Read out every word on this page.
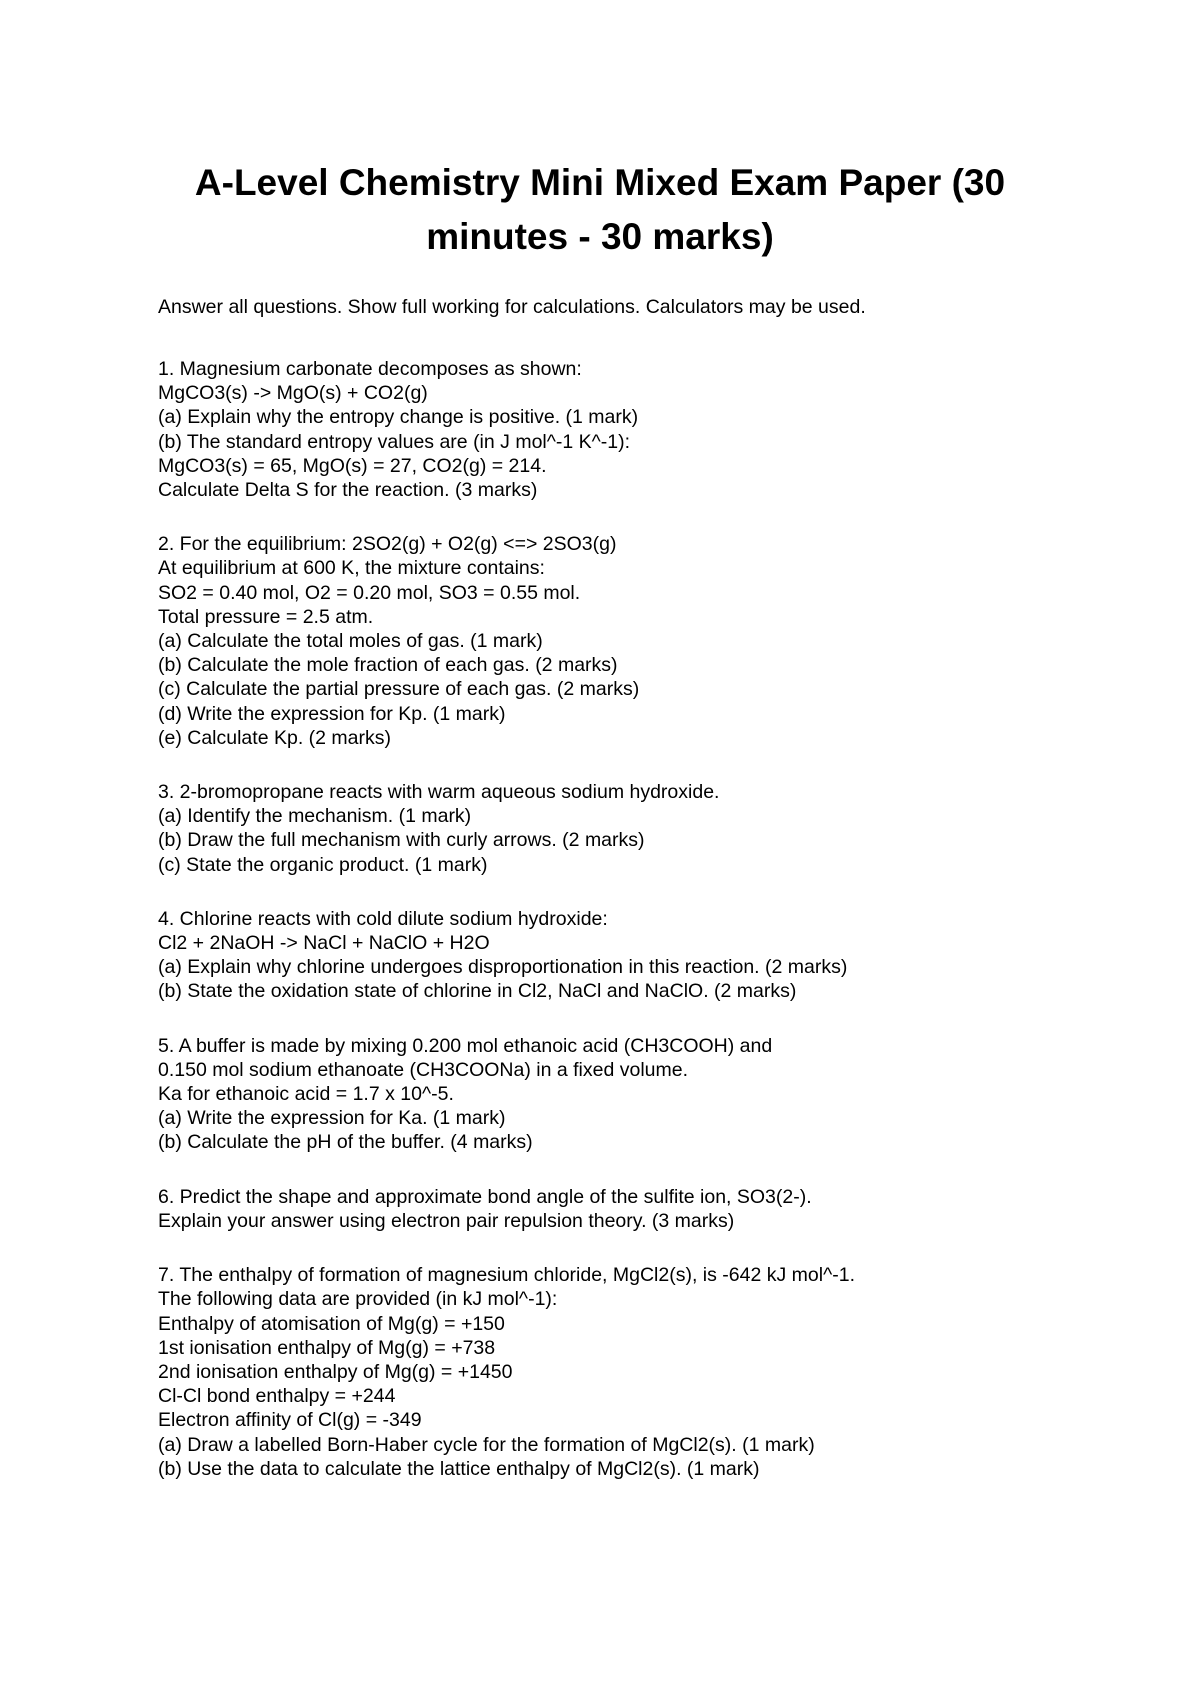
A-Level Chemistry Mini Mixed Exam Paper (30 minutes - 30 marks)

Answer all questions. Show full working for calculations. Calculators may be used.

1. Magnesium carbonate decomposes as shown:
MgCO3(s) -> MgO(s) + CO2(g)
(a) Explain why the entropy change is positive. (1 mark)
(b) The standard entropy values are (in J mol^-1 K^-1):
MgCO3(s) = 65, MgO(s) = 27, CO2(g) = 214.
Calculate Delta S for the reaction. (3 marks)
2. For the equilibrium: 2SO2(g) + O2(g) <=> 2SO3(g)
At equilibrium at 600 K, the mixture contains:
SO2 = 0.40 mol, O2 = 0.20 mol, SO3 = 0.55 mol.
Total pressure = 2.5 atm.
(a) Calculate the total moles of gas. (1 mark)
(b) Calculate the mole fraction of each gas. (2 marks)
(c) Calculate the partial pressure of each gas. (2 marks)
(d) Write the expression for Kp. (1 mark)
(e) Calculate Kp. (2 marks)
3. 2-bromopropane reacts with warm aqueous sodium hydroxide.
(a) Identify the mechanism. (1 mark)
(b) Draw the full mechanism with curly arrows. (2 marks)
(c) State the organic product. (1 mark)
4. Chlorine reacts with cold dilute sodium hydroxide:
Cl2 + 2NaOH -> NaCl + NaClO + H2O
(a) Explain why chlorine undergoes disproportionation in this reaction. (2 marks)
(b) State the oxidation state of chlorine in Cl2, NaCl and NaClO. (2 marks)
5. A buffer is made by mixing 0.200 mol ethanoic acid (CH3COOH) and
0.150 mol sodium ethanoate (CH3COONa) in a fixed volume.
Ka for ethanoic acid = 1.7 x 10^-5.
(a) Write the expression for Ka. (1 mark)
(b) Calculate the pH of the buffer. (4 marks)
6. Predict the shape and approximate bond angle of the sulfite ion, SO3(2-).
Explain your answer using electron pair repulsion theory. (3 marks)
7. The enthalpy of formation of magnesium chloride, MgCl2(s), is -642 kJ mol^-1.
The following data are provided (in kJ mol^-1):
Enthalpy of atomisation of Mg(g) = +150
1st ionisation enthalpy of Mg(g) = +738
2nd ionisation enthalpy of Mg(g) = +1450
Cl-Cl bond enthalpy = +244
Electron affinity of Cl(g) = -349
(a) Draw a labelled Born-Haber cycle for the formation of MgCl2(s). (1 mark)
(b) Use the data to calculate the lattice enthalpy of MgCl2(s). (1 mark)
